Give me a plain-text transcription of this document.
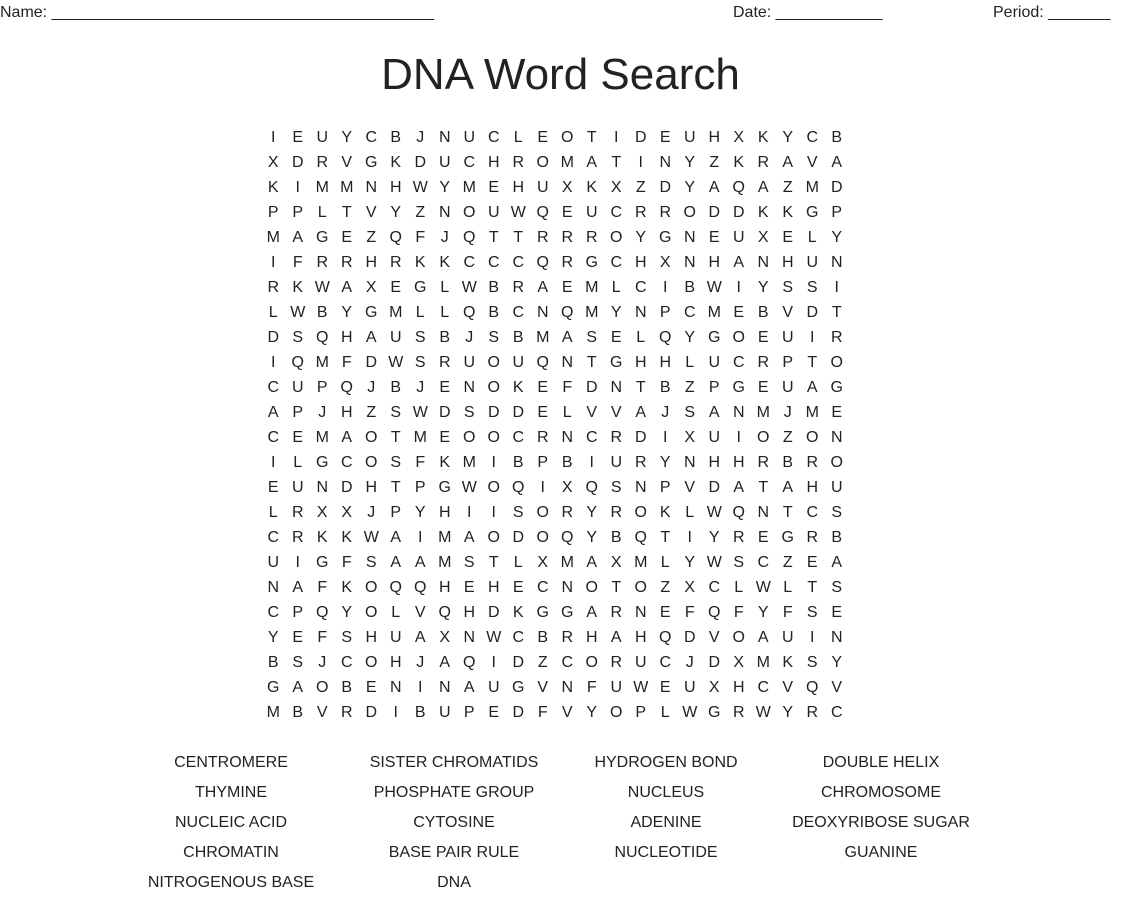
Name: ___________________________________________	Date: ____________	Period: _______
DNA Word Search
I	E U Y C B J N U C L E O T	I	D E U H X K Y C B
X D R V G K D U C H R O M A T	I	N Y Z K R A V A
K	I M M N H W Y M E H U X K X Z D Y A Q A Z M D
P P L T V Y Z N O U W Q E U C R R O D D K K G P
M A G E Z Q F J Q T T R R R O Y G N E U X E L Y
I	F R R H R K K C C C Q R G C H X N H A N H U N
R K W A X E G L W B R A E M L C	I	B W I	Y S S	I
L W B Y G M L L Q B C N Q M Y N P C M E B V D T
D S Q H A U S B J S B M A S E L Q Y G O E U	I	R
I	Q M F D W S R U O U Q N T G H H L U C R P T O
C U P Q J B J E N O K E F D N T B Z P G E U A G
A P J H Z S W D S D D E L V V A J S A N M J M E
C E M A O T M E O O C R N C R D	I	X U	I	O Z O N
I	L G C O S F K M I	B P B	I	U R Y N H H R B R O
E U N D H T P G W O Q	I	X Q S N P V D A T A H U
L R X X J P Y H	I	I	S O R Y R O K L W Q N T C S
C R K K W A	I M A O D O Q Y B Q T	I	Y R E G R B
U	I	G F S A A M S T L X M A X M L Y W S C Z E A
N A F K O Q Q H E H E C N O T O Z X C L W L T S
C P Q Y O L V Q H D K G G A R N E F Q F Y F S E
Y E F S H U A X N W C B R H A H Q D V O A U	I	N
B S J C O H J A Q	I	D Z C O R U C J D X M K S Y
G A O B E N	I	N A U G V N F U W E U X H C V Q V
M B V R D	I	B U P E D F V Y O P L W G R W Y R C
CENTROMERE	SISTER CHROMATIDS	HYDROGEN BOND	DOUBLE HELIX
THYMINE	PHOSPHATE GROUP	NUCLEUS	CHROMOSOME
NUCLEIC ACID	CYTOSINE	ADENINE	DEOXYRIBOSE SUGAR
CHROMATIN	BASE PAIR RULE	NUCLEOTIDE	GUANINE
NITROGENOUS BASE	DNA
